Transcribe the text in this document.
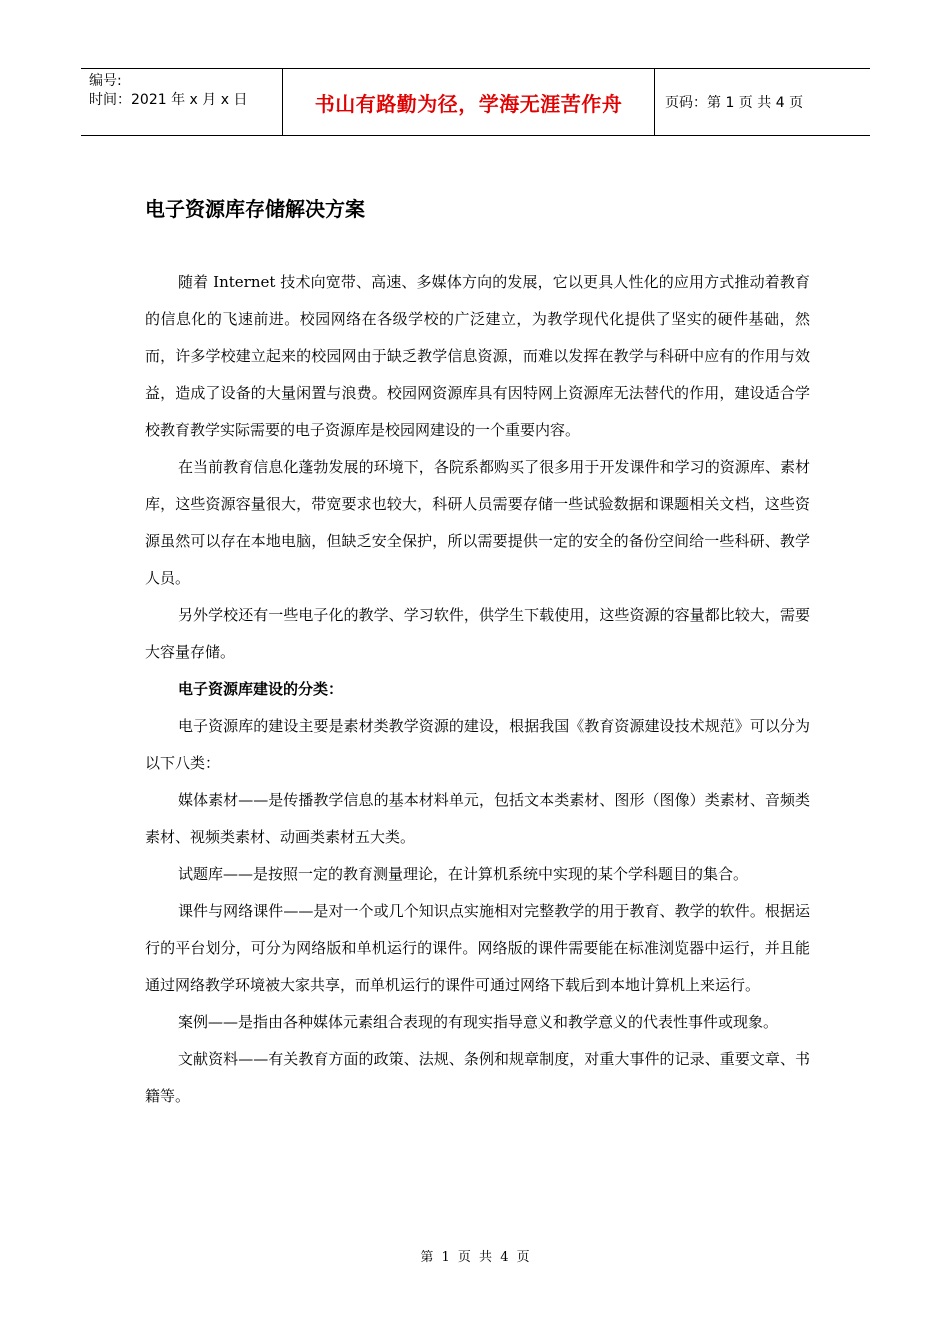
编号:
时间：2021 年 x 月 x 日	书山有路勤为径，学海无涯苦作舟	页码：第 1 页 共 4 页
电子资源库存储解决方案

随着 Internet 技术向宽带、高速、多媒体方向的发展，它以更具人性化的应用方式推动着教育的信息化的飞速前进。校园网络在各级学校的广泛建立，为教学现代化提供了坚实的硬件基础，然而，许多学校建立起来的校园网由于缺乏教学信息资源，而难以发挥在教学与科研中应有的作用与效益，造成了设备的大量闲置与浪费。校园网资源库具有因特网上资源库无法替代的作用，建设适合学校教育教学实际需要的电子资源库是校园网建设的一个重要内容。

在当前教育信息化蓬勃发展的环境下，各院系都购买了很多用于开发课件和学习的资源库、素材库，这些资源容量很大，带宽要求也较大，科研人员需要存储一些试验数据和课题相关文档，这些资源虽然可以存在本地电脑，但缺乏安全保护，所以需要提供一定的安全的备份空间给一些科研、教学人员。

另外学校还有一些电子化的教学、学习软件，供学生下载使用，这些资源的容量都比较大，需要大容量存储。

电子资源库建设的分类：

电子资源库的建设主要是素材类教学资源的建设，根据我国《教育资源建设技术规范》可以分为以下八类：

媒体素材——是传播教学信息的基本材料单元，包括文本类素材、图形（图像）类素材、音频类素材、视频类素材、动画类素材五大类。

试题库——是按照一定的教育测量理论，在计算机系统中实现的某个学科题目的集合。

课件与网络课件——是对一个或几个知识点实施相对完整教学的用于教育、教学的软件。根据运行的平台划分，可分为网络版和单机运行的课件。网络版的课件需要能在标准浏览器中运行，并且能通过网络教学环境被大家共享，而单机运行的课件可通过网络下载后到本地计算机上来运行。

案例——是指由各种媒体元素组合表现的有现实指导意义和教学意义的代表性事件或现象。

文献资料——有关教育方面的政策、法规、条例和规章制度，对重大事件的记录、重要文章、书籍等。

第 1 页 共 4 页
